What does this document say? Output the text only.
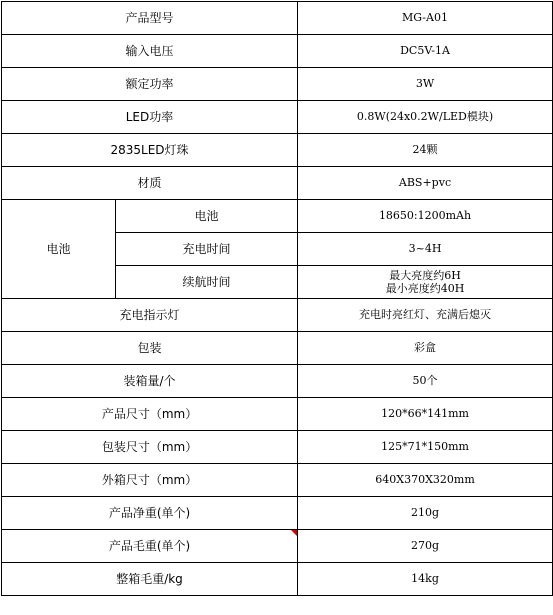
产品型号		MG-A01
输入电压		DC5V-1A
额定功率		3W
LED功率		0.8W(24x0.2W/LED模块)
2835LED灯珠		24颗
材质		ABS+pvc
电池	电池	18650:1200mAh
	充电时间	3~4H
	续航时间	最大亮度约6H
最小亮度约40H

充电指示灯		充电时亮红灯、充满后熄灭
包装		彩盒
装箱量/个		50个
产品尺寸（mm）		120*66*141mm
包装尺寸（mm）		125*71*150mm
外箱尺寸（mm）		640X370X320mm
产品净重(单个)		210g
产品毛重(单个)		270g
整箱毛重/kg		14kg
